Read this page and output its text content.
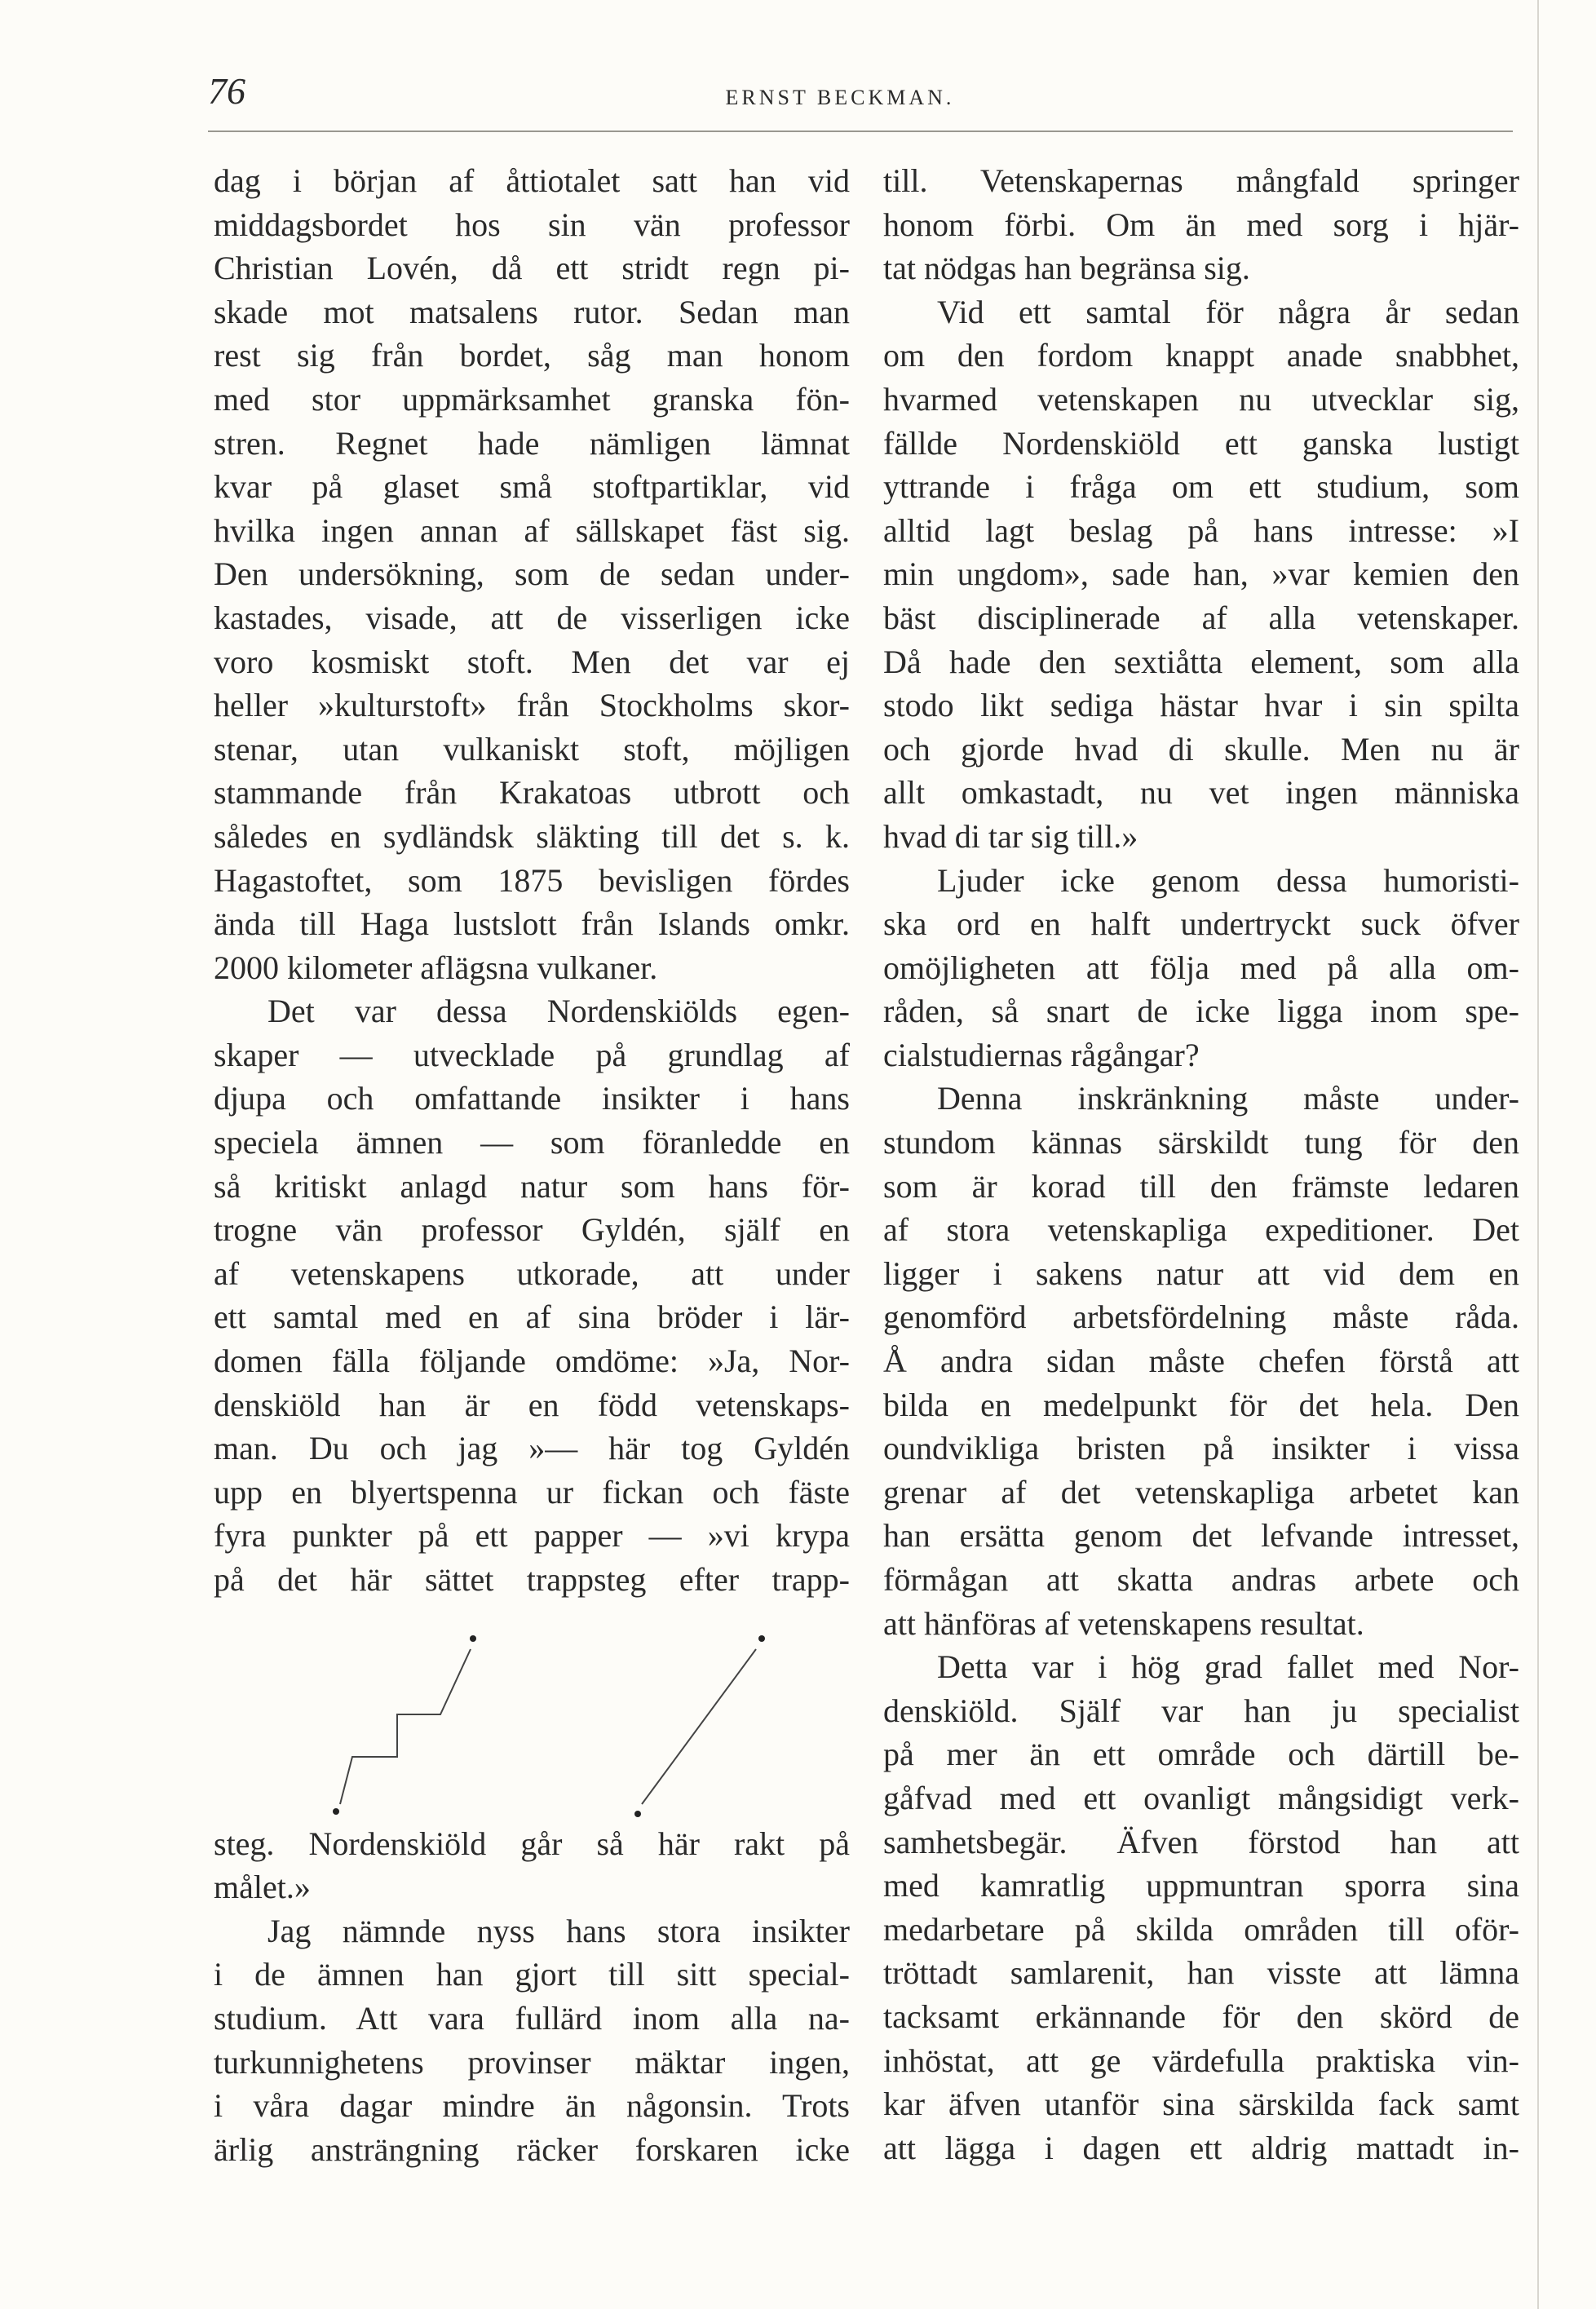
76	ERNST BECKMAN.
dag i början af åttiotalet satt han vid
middagsbordet hos sin vän professor
Christian Lovén, då ett stridt regn pi-
skade mot matsalens rutor. Sedan man
rest sig från bordet, såg man honom
med stor uppmärksamhet granska fön-
stren. Regnet hade nämligen lämnat
kvar på glaset små stoftpartiklar, vid
hvilka ingen annan af sällskapet fäst sig.
Den undersökning, som de sedan under-
kastades, visade, att de visserligen icke
voro kosmiskt stoft. Men det var ej
heller »kulturstoft» från Stockholms skor-
stenar, utan vulkaniskt stoft, möjligen
stammande från Krakatoas utbrott och
således en sydländsk släkting till det s. k.
Hagastoftet, som 1875 bevisligen fördes
ända till Haga lustslott från Islands omkr.
2000 kilometer aflägsna vulkaner.
Det var dessa Nordenskiölds egen-
skaper — utvecklade på grundlag af
djupa och omfattande insikter i hans
speciela ämnen — som föranledde en
så kritiskt anlagd natur som hans för-
trogne vän professor Gyldén, själf en
af vetenskapens utkorade, att under
ett samtal med en af sina bröder i lär-
domen fälla följande omdöme: »Ja, Nor-
denskiöld han är en född vetenskaps-
man. Du och jag »— här tog Gyldén
upp en blyertspenna ur fickan och fäste
fyra punkter på ett papper — »vi krypa
på det här sättet trappsteg efter trapp-
steg. Nordenskiöld går så här rakt på
målet.»
Jag nämnde nyss hans stora insikter
i de ämnen han gjort till sitt special-
studium. Att vara fullärd inom alla na-
turkunnighetens provinser mäktar ingen,
i våra dagar mindre än någonsin. Trots
ärlig ansträngning räcker forskaren icke
till. Vetenskapernas mångfald springer
honom förbi. Om än med sorg i hjär-
tat nödgas han begränsa sig.
Vid ett samtal för några år sedan
om den fordom knappt anade snabbhet,
hvarmed vetenskapen nu utvecklar sig,
fällde Nordenskiöld ett ganska lustigt
yttrande i fråga om ett studium, som
alltid lagt beslag på hans intresse: »I
min ungdom», sade han, »var kemien den
bäst disciplinerade af alla vetenskaper.
Då hade den sextiåtta element, som alla
stodo likt sediga hästar hvar i sin spilta
och gjorde hvad di skulle. Men nu är
allt omkastadt, nu vet ingen människa
hvad di tar sig till.»
Ljuder icke genom dessa humoristi-
ska ord en halft undertryckt suck öfver
omöjligheten att följa med på alla om-
råden, så snart de icke ligga inom spe-
cialstudiernas rågångar?
Denna inskränkning måste under-
stundom kännas särskildt tung för den
som är korad till den främste ledaren
af stora vetenskapliga expeditioner. Det
ligger i sakens natur att vid dem en
genomförd arbetsfördelning måste råda.
Å andra sidan måste chefen förstå att
bilda en medelpunkt för det hela. Den
oundvikliga bristen på insikter i vissa
grenar af det vetenskapliga arbetet kan
han ersätta genom det lefvande intresset,
förmågan att skatta andras arbete och
att hänföras af vetenskapens resultat.
Detta var i hög grad fallet med Nor-
denskiöld. Själf var han ju specialist
på mer än ett område och därtill be-
gåfvad med ett ovanligt mångsidigt verk-
samhetsbegär. Äfven förstod han att
med kamratlig uppmuntran sporra sina
medarbetare på skilda områden till oför-
tröttadt samlarenit, han visste att lämna
tacksamt erkännande för den skörd de
inhöstat, att ge värdefulla praktiska vin-
kar äfven utanför sina särskilda fack samt
att lägga i dagen ett aldrig mattadt in-
